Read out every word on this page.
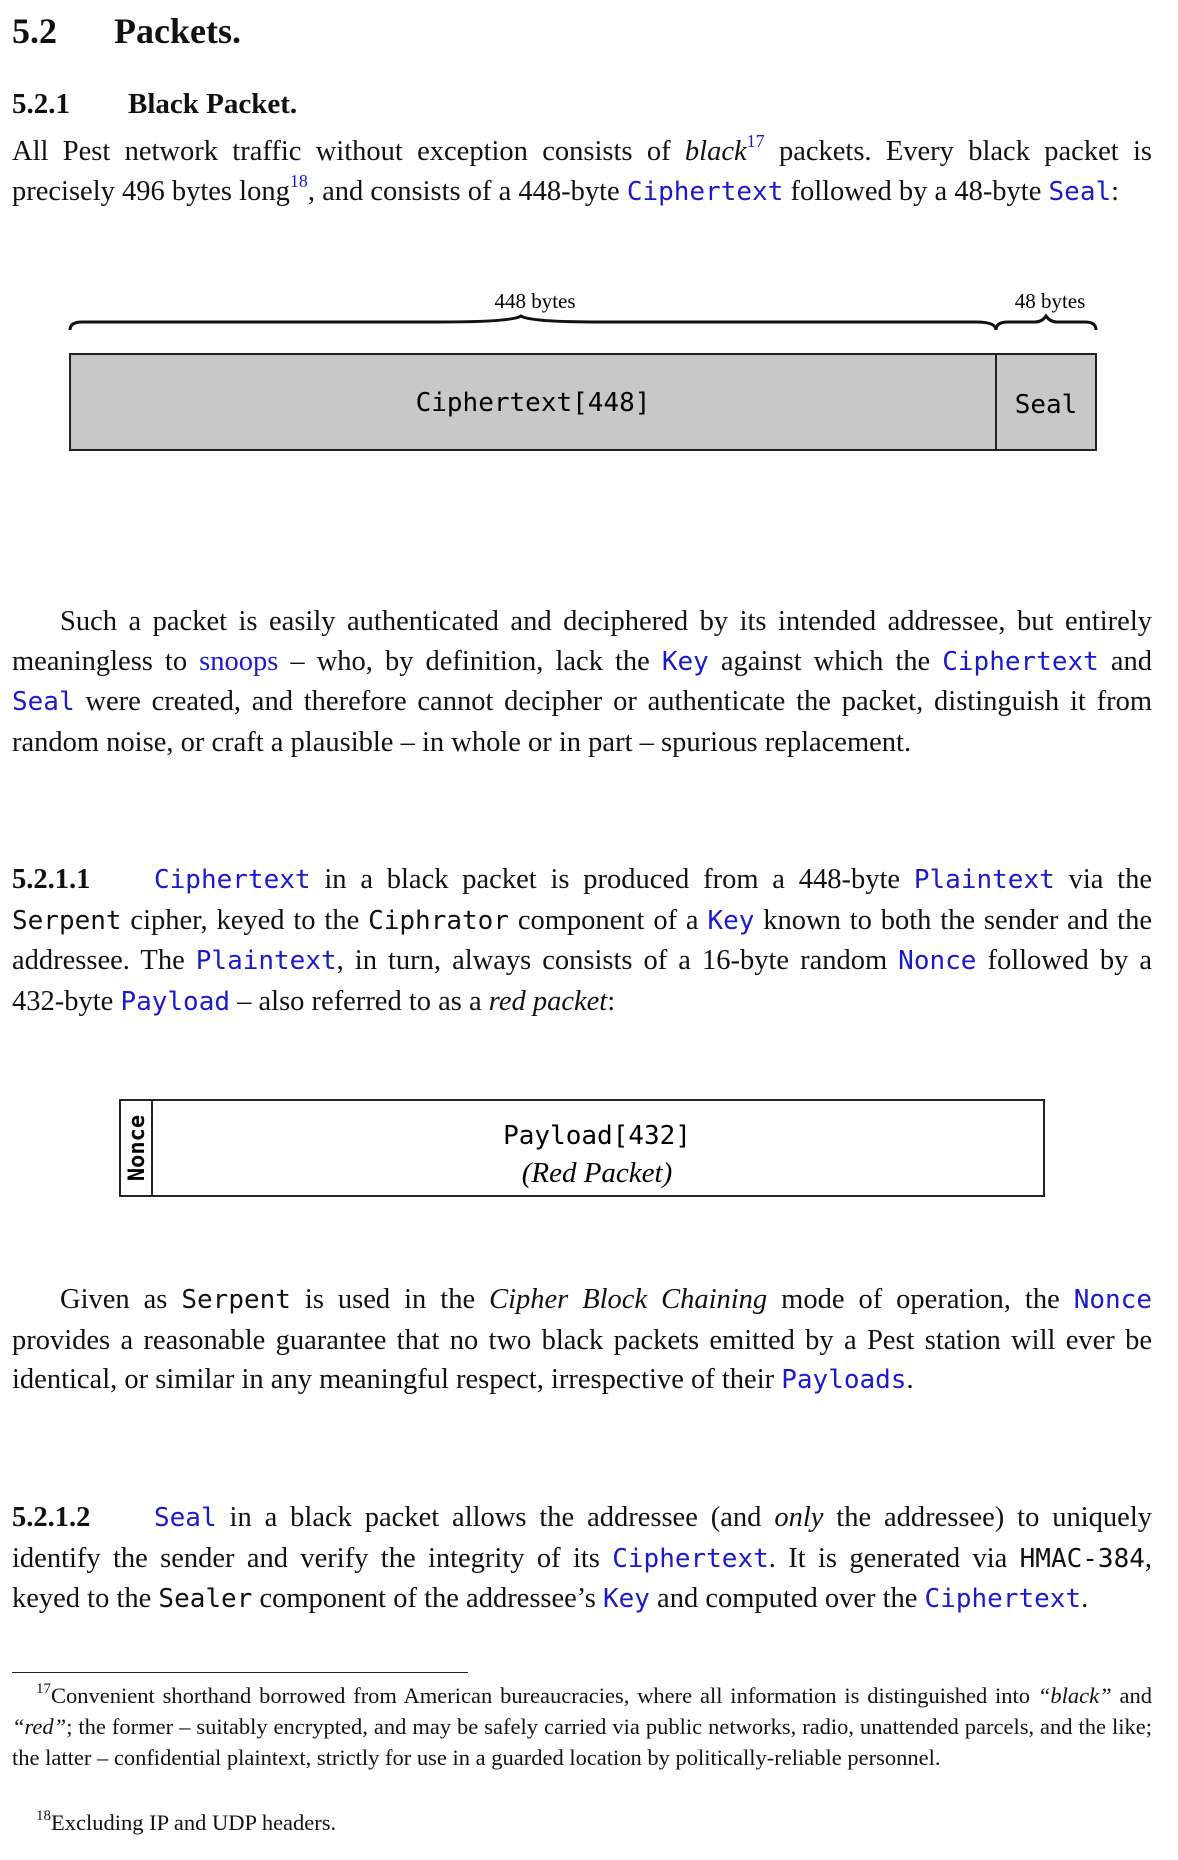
5.2 Packets.
5.2.1 Black Packet.

All Pest network traffic without exception consists of black$^{17}$ packets. Every black packet is precisely 496 bytes long$^{18}$, and consists of a 448-byte Ciphertext followed by a 48-byte Seal:

448 bytes	48 bytes
Ciphertext[448]	Seal

Such a packet is easily authenticated and deciphered by its intended addressee, but entirely meaningless to snoops – who, by definition, lack the Key against which the Ciphertext and Seal were created, and therefore cannot decipher or authenticate the packet, distinguish it from random noise, or craft a plausible – in whole or in part – spurious replacement.

5.2.1.1 Ciphertext in a black packet is produced from a 448-byte Plaintext via the Serpent cipher, keyed to the Ciphrator component of a Key known to both the sender and the addressee. The Plaintext, in turn, always consists of a 16-byte random Nonce followed by a 432-byte Payload – also referred to as a red packet:

Nonce	Payload[432]
(Red Packet)

Given as Serpent is used in the Cipher Block Chaining mode of operation, the Nonce provides a reasonable guarantee that no two black packets emitted by a Pest station will ever be identical, or similar in any meaningful respect, irrespective of their Payloads.

5.2.1.2 Seal in a black packet allows the addressee (and only the addressee) to uniquely identify the sender and verify the integrity of its Ciphertext. It is generated via HMAC-384, keyed to the Sealer component of the addressee’s Key and computed over the Ciphertext.

$^{17}$Convenient shorthand borrowed from American bureaucracies, where all information is distinguished into “black” and “red”; the former – suitably encrypted, and may be safely carried via public networks, radio, unattended parcels, and the like; the latter – confidential plaintext, strictly for use in a guarded location by politically-reliable personnel.
$^{18}$Excluding IP and UDP headers.
